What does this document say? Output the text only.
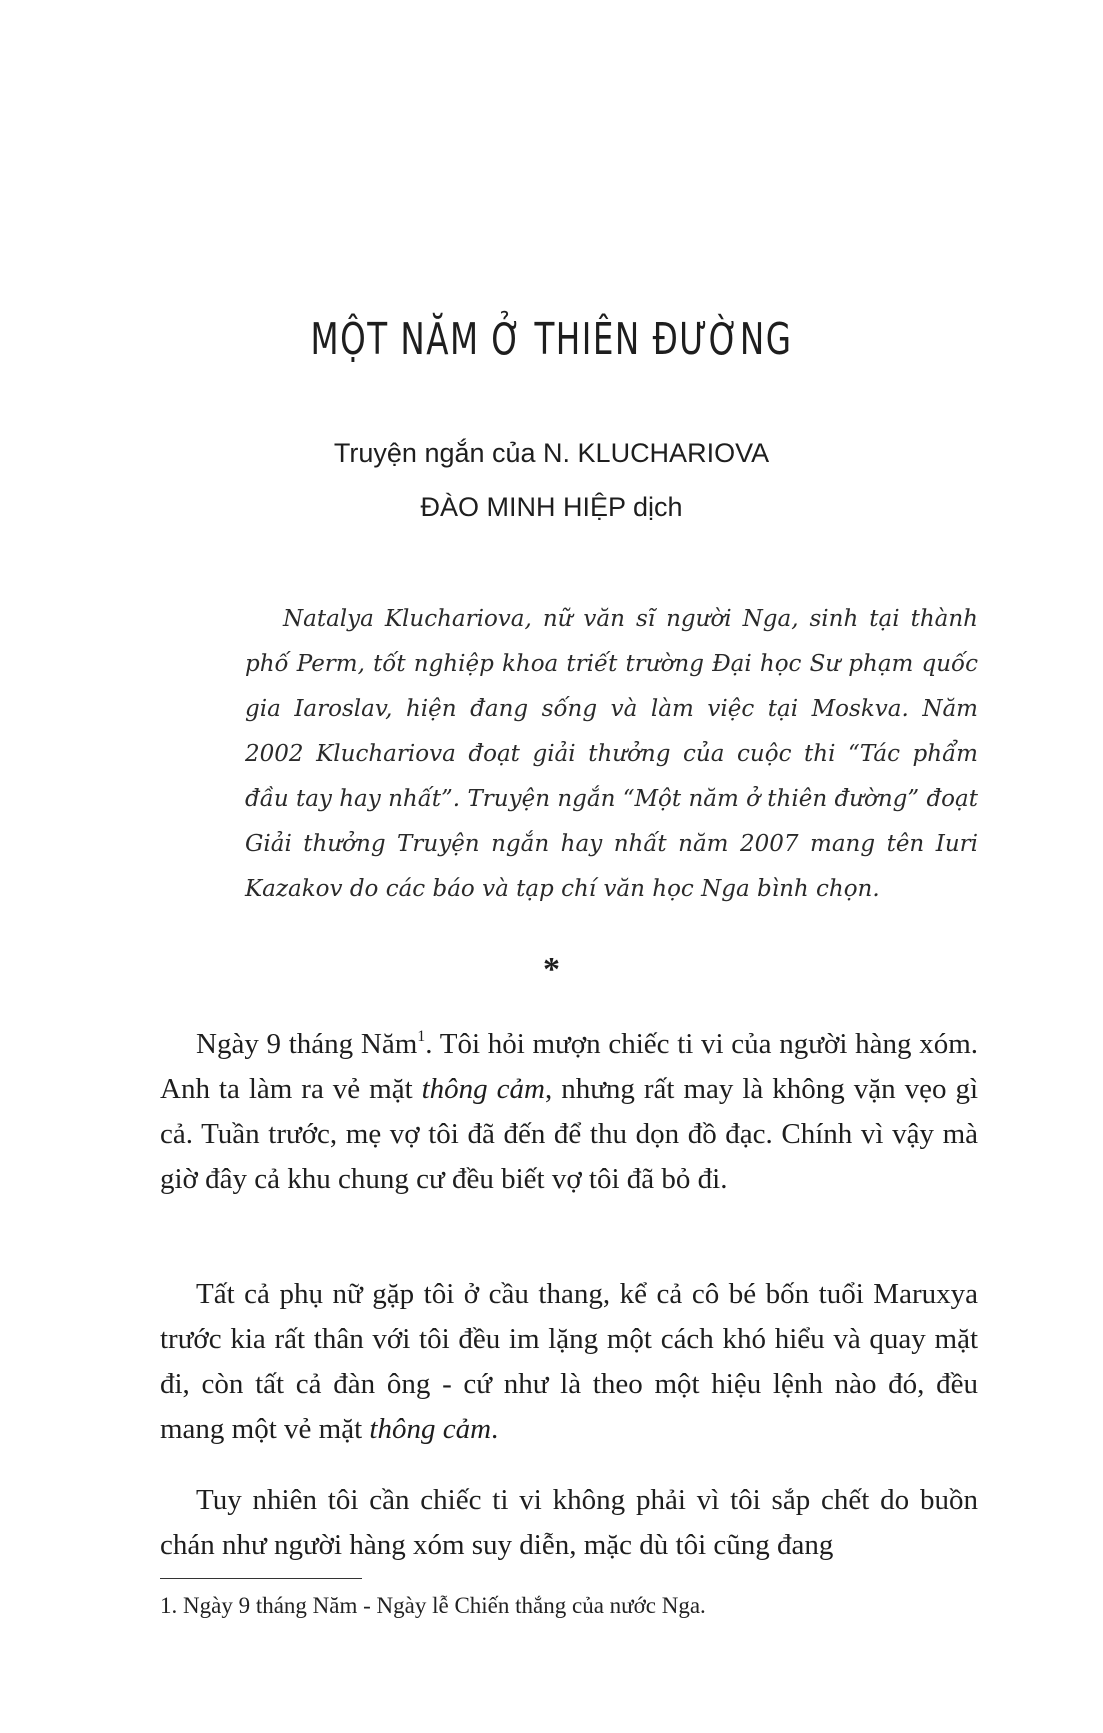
MỘT NĂM Ở THIÊN ĐƯỜNG

Truyện ngắn của N. KLUCHARIOVA

ĐÀO MINH HIỆP dịch

Natalya Kluchariova, nữ văn sĩ người Nga, sinh tại thành phố Perm, tốt nghiệp khoa triết trường Đại học Sư phạm quốc gia Iaroslav, hiện đang sống và làm việc tại Moskva. Năm 2002 Kluchariova đoạt giải thưởng của cuộc thi “Tác phẩm đầu tay hay nhất”. Truyện ngắn “Một năm ở thiên đường” đoạt Giải thưởng Truyện ngắn hay nhất năm 2007 mang tên Iuri Kazakov do các báo và tạp chí văn học Nga bình chọn.

*

Ngày 9 tháng Năm$^1$. Tôi hỏi mượn chiếc ti vi của người hàng xóm. Anh ta làm ra vẻ mặt thông cảm, nhưng rất may là không vặn vẹo gì cả. Tuần trước, mẹ vợ tôi đã đến để thu dọn đồ đạc. Chính vì vậy mà giờ đây cả khu chung cư đều biết vợ tôi đã bỏ đi.

Tất cả phụ nữ gặp tôi ở cầu thang, kể cả cô bé bốn tuổi Maruxya trước kia rất thân với tôi đều im lặng một cách khó hiểu và quay mặt đi, còn tất cả đàn ông - cứ như là theo một hiệu lệnh nào đó, đều mang một vẻ mặt thông cảm.

Tuy nhiên tôi cần chiếc ti vi không phải vì tôi sắp chết do buồn chán như người hàng xóm suy diễn, mặc dù tôi cũng đang

1. Ngày 9 tháng Năm - Ngày lễ Chiến thắng của nước Nga.
